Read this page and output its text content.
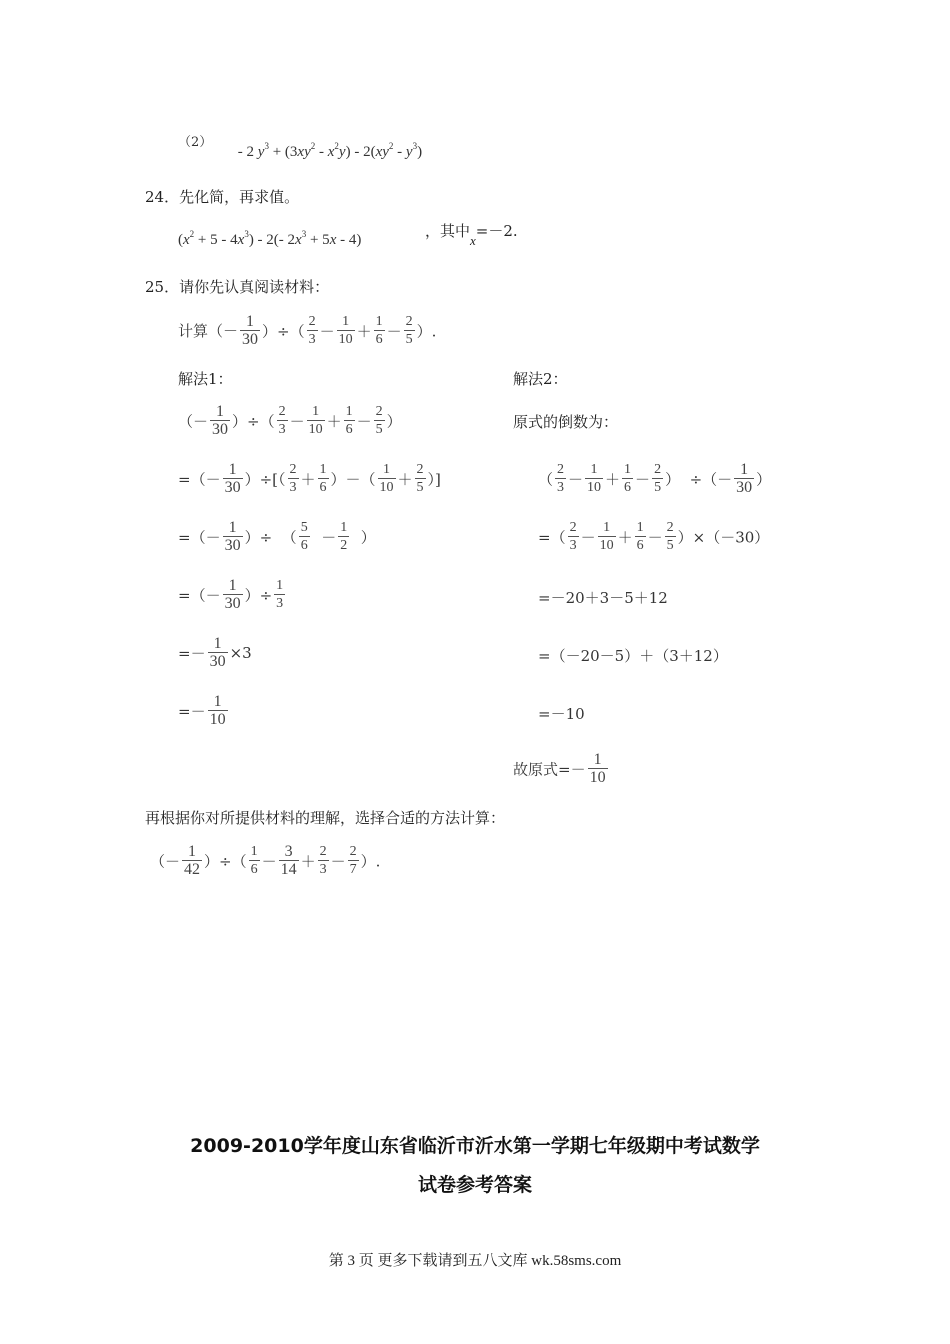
（2）  - 2 $y^3 + (3xy^2 - x^2y) - 2(xy^2 - y^3)$
24．先化简，再求值。
$(x^2 + 5 - 4x^3) - 2(-$ $2x^3 + 5x - 4$)	，其中x=－2.
25．请你先认真阅读材料：
计算（－ $\frac{1}{30}$ ）÷（ $\frac{2}{3} - \frac{1}{10} + \frac{1}{6} - \frac{2}{5}$ ）.
解法1：	解法2：
（－ $\frac{1}{30}$ ）÷（ $\frac{2}{3} - \frac{1}{10} + \frac{1}{6} - \frac{2}{5}$ ）
=（－ $\frac{1}{30}$ ）÷[（ $\frac{2}{3} + \frac{1}{6}$ ）－（ $\frac{1}{10} + \frac{2}{5}$ ）]
=（－ $\frac{1}{30}$ ）÷  （ $\frac{5}{6} - \frac{1}{2}$ ）
=（－ $\frac{1}{30}$ ）÷ $\frac{1}{3}$
=－ $\frac{1}{30} \times 3$
=－ $\frac{1}{10}$
原式的倒数为：
（ $\frac{2}{3} - \frac{1}{10} + \frac{1}{6} - \frac{2}{5}$ ）  ÷（－ $\frac{1}{30}$ ）
=（ $\frac{2}{3} - \frac{1}{10} + \frac{1}{6} - \frac{2}{5} )\times(-30)$
=－20＋3－5＋12
=（－20－5）＋（3＋12）
=－10
故原式=－ $\frac{1}{10}$
再根据你对所提供材料的理解，选择合适的方法计算：
（－ $\frac{1}{42}$ ）÷（ $\frac{1}{6} - \frac{3}{14} + \frac{2}{3} - \frac{2}{7}$ ）.
2009-2010学年度山东省临沂市沂水第一学期七年级期中考试数学
试卷参考答案
第 3 页 更多下载请到五八文库 wk.58sms.com
